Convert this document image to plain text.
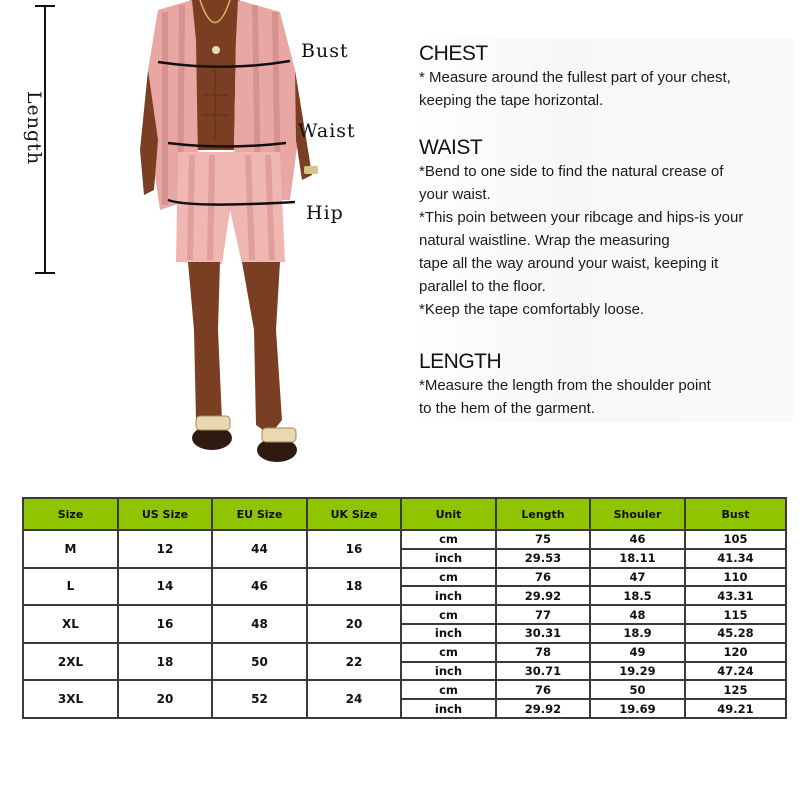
Length
Bust
Waist
Hip

CHEST

* Measure around the fullest part of your chest,

keeping the tape horizontal.

WAIST

*Bend to one side to find the natural crease of

your waist.

*This poin between your ribcage and hips-is your

natural waistline. Wrap the measuring

tape all the way around your waist, keeping it

parallel to the floor.

*Keep the tape comfortably loose.

LENGTH

*Measure the length from the shoulder point

to the hem of the garment.

Size	US Size	EU Size	UK Size	Unit	Length	Shouler	Bust
M	12	44	16	cm	75	46	105
				inch	29.53	18.11	41.34
L	14	46	18	cm	76	47	110
				inch	29.92	18.5	43.31
XL	16	48	20	cm	77	48	115
				inch	30.31	18.9	45.28
2XL	18	50	22	cm	78	49	120
				inch	30.71	19.29	47.24
3XL	20	52	24	cm	76	50	125
				inch	29.92	19.69	49.21
